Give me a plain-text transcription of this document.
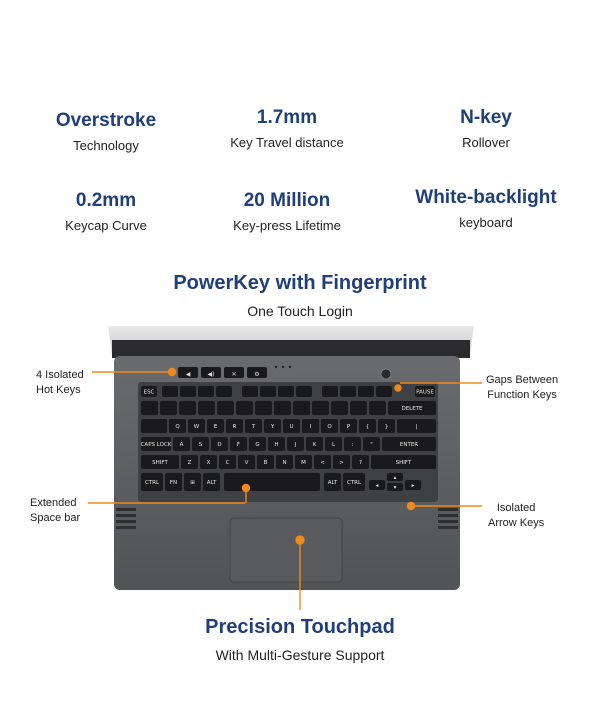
Overstroke
Technology
1.7mm
Key Travel distance
N-key
Rollover
0.2mm
Keycap Curve
20 Million
Key-press Lifetime
White-backlight
keyboard
PowerKey with Fingerprint
One Touch Login
◀	◀)	✕	⚙
ESC	PAUSE
DELETE
Q	W	E	R	T	Y	U	I	O	P	{	}	|
CAPS LOCK A	S	D	F	G	H	J	K	L	:	"	ENTER
SHIFT	Z	X	C	V	B	N	M	<	>	?	SHIFT
CTRL FN ⊞ ALT	ALT CTRL	◂
▴
▾	▸
4 Isolated
Hot Keys
Extended
Space bar
Gaps Between
Function Keys
Isolated
Arrow Keys
Precision Touchpad
With Multi-Gesture Support
